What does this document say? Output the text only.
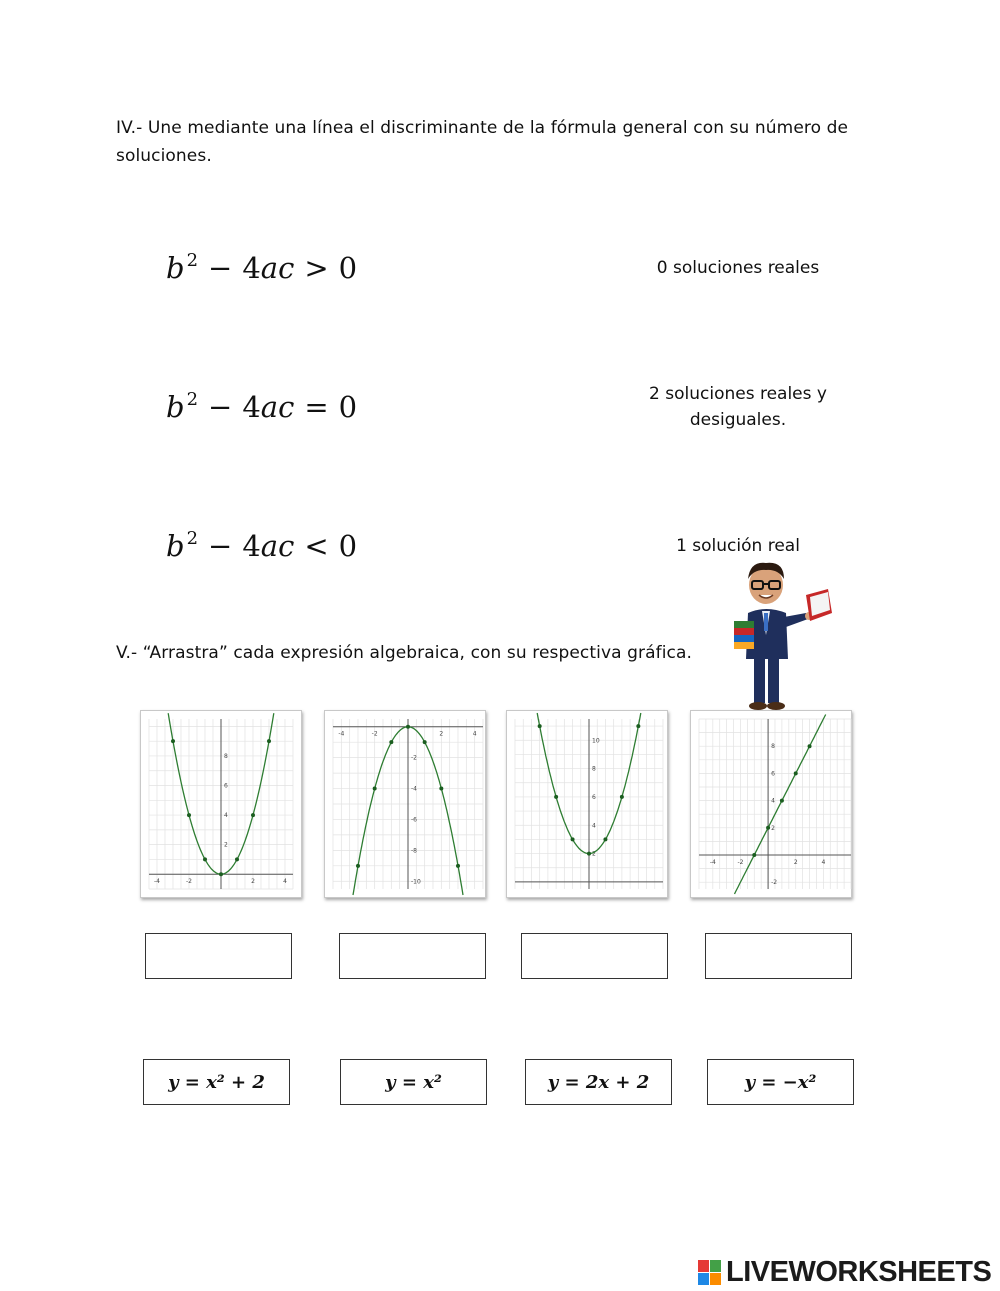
IV.- Une mediante una línea el discriminante de la fórmula general con su número de soluciones.
b $^2$ − 4ac > 0
b $^2$ − 4ac = 0
b $^2$ − 4ac < 0
0 soluciones reales
2 soluciones reales y desiguales.
1 solución real
V.- “Arrastra” cada expresión algebraica, con su respectiva gráfica.
-4	-2	2	4
2
4
6
8
-4	-2	2	4
-2
-4
-6
-8
-10
2
4
6
8
10
-4	-2	2	4
-2
2
4
6
8
y = x² + 2	y = x²	y = 2x + 2	y = −x²
LIVEWORKSHEETS
